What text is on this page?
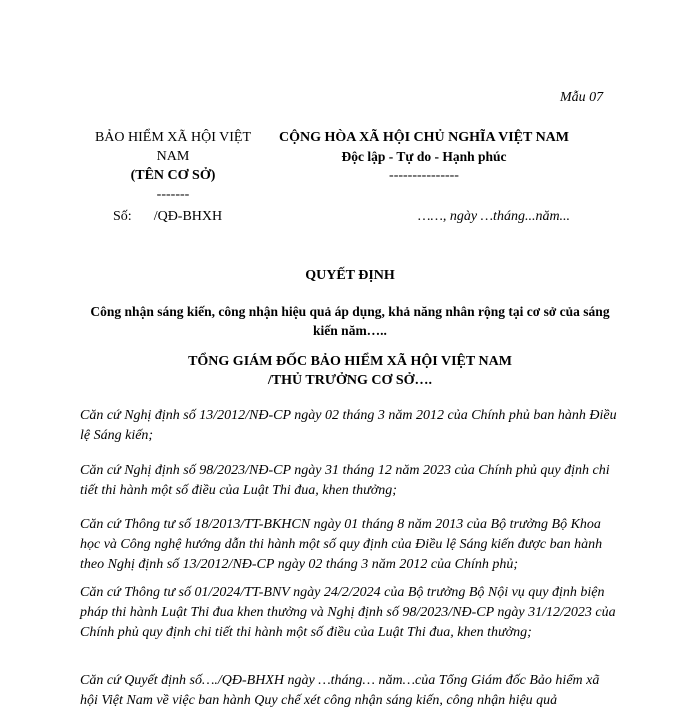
Mẫu 07
BẢO HIỂM XÃ HỘI VIỆT NAM
(TÊN CƠ SỞ)
-------
CỘNG HÒA XÃ HỘI CHỦ NGHĨA VIỆT NAM
Độc lập - Tự do - Hạnh phúc
---------------
Số: /QĐ-BHXH	……, ngày …tháng...năm...
QUYẾT ĐỊNH
Công nhận sáng kiến, công nhận hiệu quả áp dụng, khả năng nhân rộng tại cơ sở của sáng kiến năm…..
TỔNG GIÁM ĐỐC BẢO HIỂM XÃ HỘI VIỆT NAM
/THỦ TRƯỞNG CƠ SỞ….

Căn cứ Nghị định số 13/2012/NĐ-CP ngày 02 tháng 3 năm 2012 của Chính phủ ban hành Điều lệ Sáng kiến;

Căn cứ Nghị định số 98/2023/NĐ-CP ngày 31 tháng 12 năm 2023 của Chính phủ quy định chi tiết thi hành một số điều của Luật Thi đua, khen thưởng;

Căn cứ Thông tư số 18/2013/TT-BKHCN ngày 01 tháng 8 năm 2013 của Bộ trưởng Bộ Khoa học và Công nghệ hướng dẫn thi hành một số quy định của Điều lệ Sáng kiến được ban hành theo Nghị định số 13/2012/NĐ-CP ngày 02 tháng 3 năm 2012 của Chính phủ;

Căn cứ Thông tư số 01/2024/TT-BNV ngày 24/2/2024 của Bộ trưởng Bộ Nội vụ quy định biện pháp thi hành Luật Thi đua khen thưởng và Nghị định số 98/2023/NĐ-CP ngày 31/12/2023 của Chính phủ quy định chi tiết thi hành một số điều của Luật Thi đua, khen thưởng;

Căn cứ Quyết định số…./QĐ-BHXH ngày …tháng… năm…của Tổng Giám đốc Bảo hiểm xã hội Việt Nam về việc ban hành Quy chế xét công nhận sáng kiến, công nhận hiệu quả
